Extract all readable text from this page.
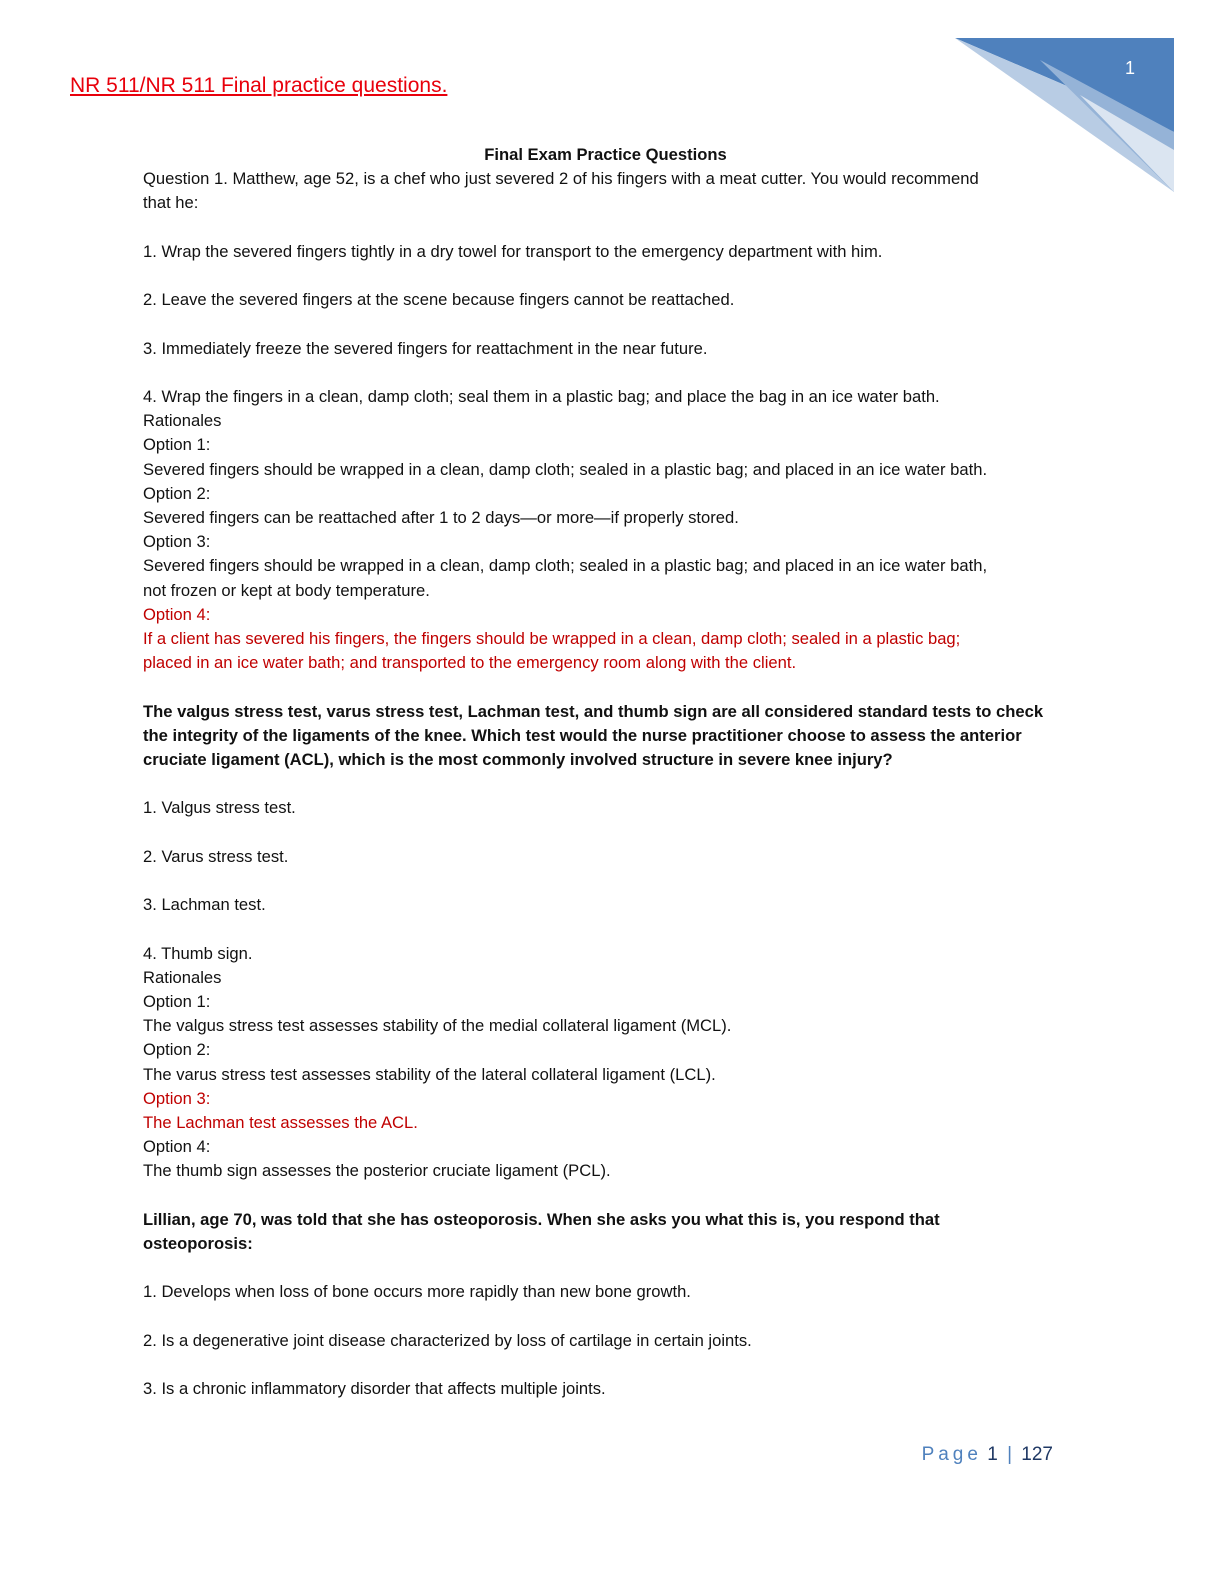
1
NR 511/NR 511 Final practice questions.

Final Exam Practice Questions

Question 1. Matthew, age 52, is a chef who just severed 2 of his fingers with a meat cutter. You would recommend

that he:

1. Wrap the severed fingers tightly in a dry towel for transport to the emergency department with him.

2. Leave the severed fingers at the scene because fingers cannot be reattached.

3. Immediately freeze the severed fingers for reattachment in the near future.

4. Wrap the fingers in a clean, damp cloth; seal them in a plastic bag; and place the bag in an ice water bath.

Rationales

Option 1:

Severed fingers should be wrapped in a clean, damp cloth; sealed in a plastic bag; and placed in an ice water bath.

Option 2:

Severed fingers can be reattached after 1 to 2 days—or more—if properly stored.

Option 3:

Severed fingers should be wrapped in a clean, damp cloth; sealed in a plastic bag; and placed in an ice water bath,

not frozen or kept at body temperature.

Option 4:

If a client has severed his fingers, the fingers should be wrapped in a clean, damp cloth; sealed in a plastic bag;

placed in an ice water bath; and transported to the emergency room along with the client.

The valgus stress test, varus stress test, Lachman test, and thumb sign are all considered standard tests to check

the integrity of the ligaments of the knee. Which test would the nurse practitioner choose to assess the anterior

cruciate ligament (ACL), which is the most commonly involved structure in severe knee injury?

1. Valgus stress test.

2. Varus stress test.

3. Lachman test.

4. Thumb sign.

Rationales

Option 1:

The valgus stress test assesses stability of the medial collateral ligament (MCL).

Option 2:

The varus stress test assesses stability of the lateral collateral ligament (LCL).

Option 3:

The Lachman test assesses the ACL.

Option 4:

The thumb sign assesses the posterior cruciate ligament (PCL).

Lillian, age 70, was told that she has osteoporosis. When she asks you what this is, you respond that

osteoporosis:

1. Develops when loss of bone occurs more rapidly than new bone growth.

2. Is a degenerative joint disease characterized by loss of cartilage in certain joints.

3. Is a chronic inflammatory disorder that affects multiple joints.

Page 1 | 127
